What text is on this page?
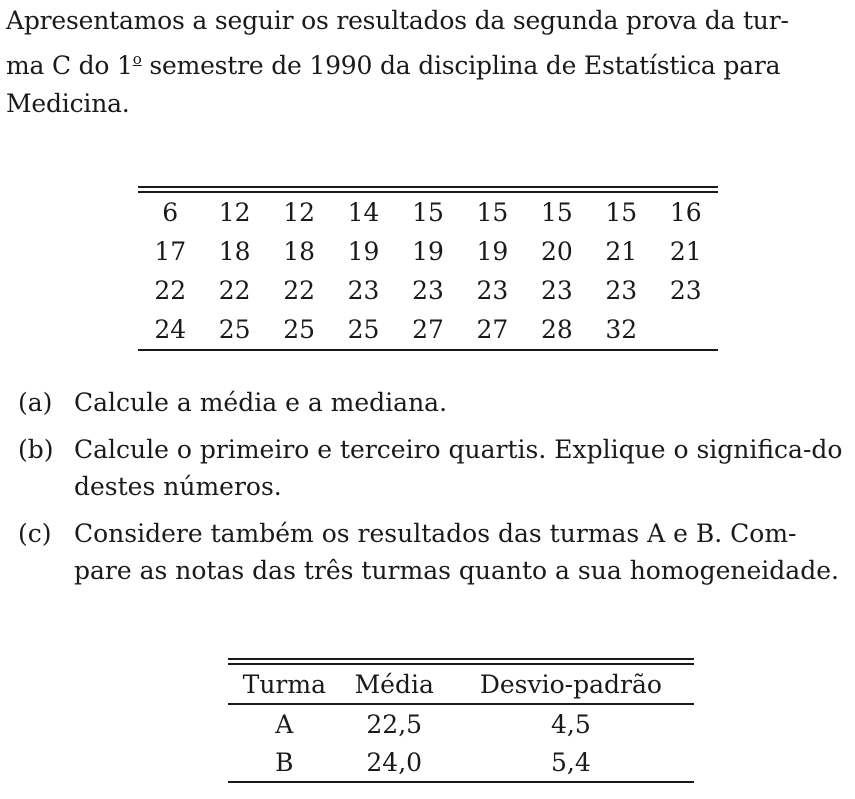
Apresentamos a seguir os resultados da segunda prova da tur-
ma C do 1$^o$ semestre de 1990 da disciplina de Estatística para
Medicina.

6	12	12	14	15	15	15	15	16
17	18	18	19	19	19	20	21	21
22	22	22	23	23	23	23	23	23
24	25	25	25	27	27	28	32	
(a) Calcule a média e a mediana.
(b) Calcule o primeiro e terceiro quartis. Explique o significa-do destes números.
(c) Considere também os resultados das turmas A e B. Com-pare as notas das três turmas quanto a sua homogeneidade.
Turma	Média	Desvio-padrão
A	22,5	4,5
B	24,0	5,4
